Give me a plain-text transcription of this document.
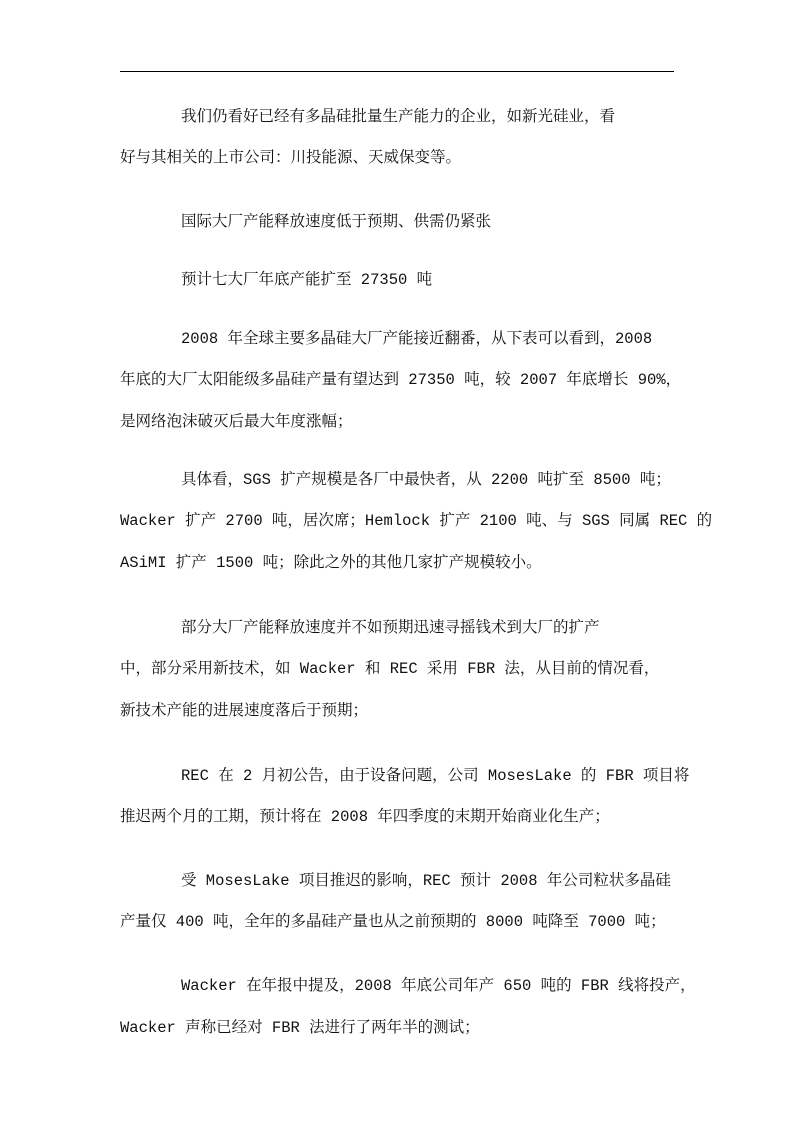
我们仍看好已经有多晶硅批量生产能力的企业，如新光硅业，看
好与其相关的上市公司：川投能源、天威保变等。
国际大厂产能释放速度低于预期、供需仍紧张
预计七大厂年底产能扩至 27350 吨
2008 年全球主要多晶硅大厂产能接近翻番，从下表可以看到，2008
年底的大厂太阳能级多晶硅产量有望达到 27350 吨，较 2007 年底增长 90%，
是网络泡沫破灭后最大年度涨幅；
具体看，SGS 扩产规模是各厂中最快者，从 2200 吨扩至 8500 吨；
Wacker 扩产 2700 吨，居次席；Hemlock 扩产 2100 吨、与 SGS 同属 REC 的
ASiMI 扩产 1500 吨；除此之外的其他几家扩产规模较小。
部分大厂产能释放速度并不如预期迅速寻摇钱术到大厂的扩产
中，部分采用新技术，如 Wacker 和 REC 采用 FBR 法，从目前的情况看，
新技术产能的进展速度落后于预期；
REC 在 2 月初公告，由于设备问题，公司 MosesLake 的 FBR 项目将
推迟两个月的工期，预计将在 2008 年四季度的末期开始商业化生产；
受 MosesLake 项目推迟的影响，REC 预计 2008 年公司粒状多晶硅
产量仅 400 吨，全年的多晶硅产量也从之前预期的 8000 吨降至 7000 吨；
Wacker 在年报中提及，2008 年底公司年产 650 吨的 FBR 线将投产，
Wacker 声称已经对 FBR 法进行了两年半的测试；
